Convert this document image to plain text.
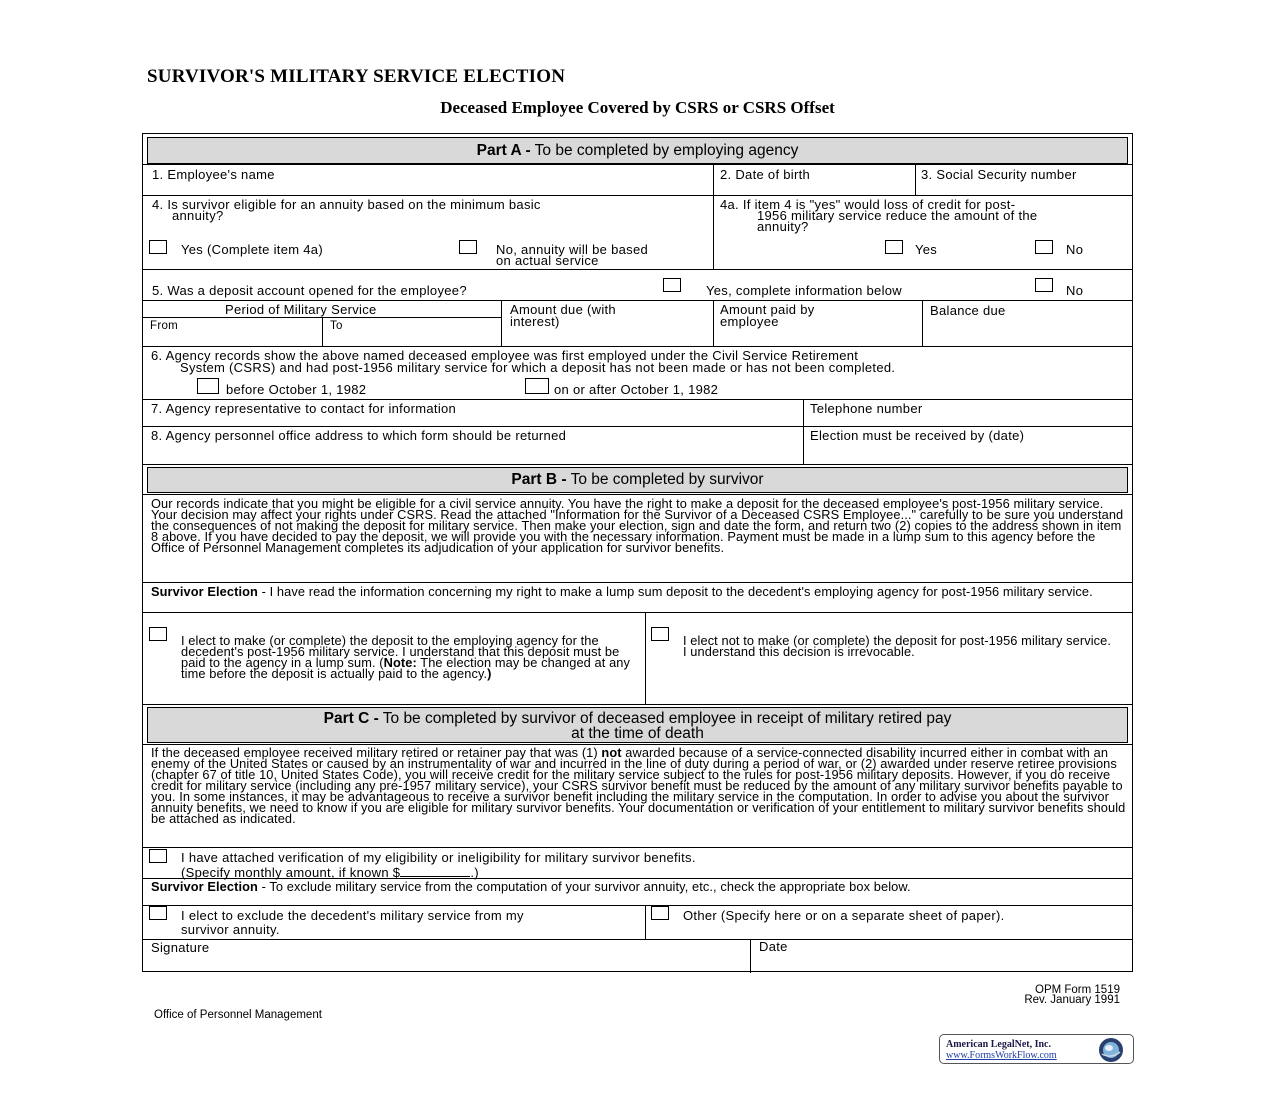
SURVIVOR'S MILITARY SERVICE ELECTION
Deceased Employee Covered by CSRS or CSRS Offset
Part A - To be completed by employing agency
1. Employee's name	2. Date of birth	3. Social Security number
4. Is survivor eligible for an annuity based on the minimum basic
annuity?
Yes (Complete item 4a)	No, annuity will be based
on actual service
4a. If item 4 is "yes" would loss of credit for post-
1956 military service reduce the amount of the
annuity?
Yes	No
5. Was a deposit account opened for the employee?	Yes, complete information below	No
Period of Military Service
From	To
Amount due (with
interest)
Amount paid by
employee
Balance due
6. Agency records show the above named deceased employee was first employed under the Civil Service Retirement
System (CSRS) and had post-1956 military service for which a deposit has not been made or has not been completed.
before October 1, 1982	on or after October 1, 1982
7. Agency representative to contact for information	Telephone number
8. Agency personnel office address to which form should be returned	Election must be received by (date)
Part B - To be completed by survivor
Our records indicate that you might be eligible for a civil service annuity. You have the right to make a deposit for the deceased employee's post-1956 military service. Your decision may affect your rights under CSRS. Read the attached "Information for the Survivor of a Deceased CSRS Employee..." carefully to be sure you understand the consequences of not making the deposit for military service. Then make your election, sign and date the form, and return two (2) copies to the address shown in item 8 above. If you have decided to pay the deposit, we will provide you with the necessary information. Payment must be made in a lump sum to this agency before the Office of Personnel Management completes its adjudication of your application for survivor benefits.
Survivor Election - I have read the information concerning my right to make a lump sum deposit to the decedent's employing agency for post-1956 military service.
I elect to make (or complete) the deposit to the employing agency for the decedent's post-1956 military service. I understand that this deposit must be paid to the agency in a lump sum. (Note: The election may be changed at any time before the deposit is actually paid to the agency.)
I elect not to make (or complete) the deposit for post-1956 military service. I understand this decision is irrevocable.
Part C - To be completed by survivor of deceased employee in receipt of military retired pay
at the time of death
If the deceased employee received military retired or retainer pay that was (1) not awarded because of a service-connected disability incurred either in combat with an enemy of the United States or caused by an instrumentality of war and incurred in the line of duty during a period of war, or (2) awarded under reserve retiree provisions (chapter 67 of title 10, United States Code), you will receive credit for the military service subject to the rules for post-1956 military deposits. However, if you do receive credit for military service (including any pre-1957 military service), your CSRS survivor benefit must be reduced by the amount of any military survivor benefits payable to you. In some instances, it may be advantageous to receive a survivor benefit including the military service in the computation. In order to advise you about the survivor annuity benefits, we need to know if you are eligible for military survivor benefits. Your documentation or verification of your entitlement to military survivor benefits should be attached as indicated.
I have attached verification of my eligibility or ineligibility for military survivor benefits.
(Specify monthly amount, if known $	.)
Survivor Election - To exclude military service from the computation of your survivor annuity, etc., check the appropriate box below.
I elect to exclude the decedent's military service from my
survivor annuity.
Other (Specify here or on a separate sheet of paper).
Signature	Date
OPM Form 1519
Rev. January 1991
Office of Personnel Management
American LegalNet, Inc.
www.FormsWorkFlow.com
